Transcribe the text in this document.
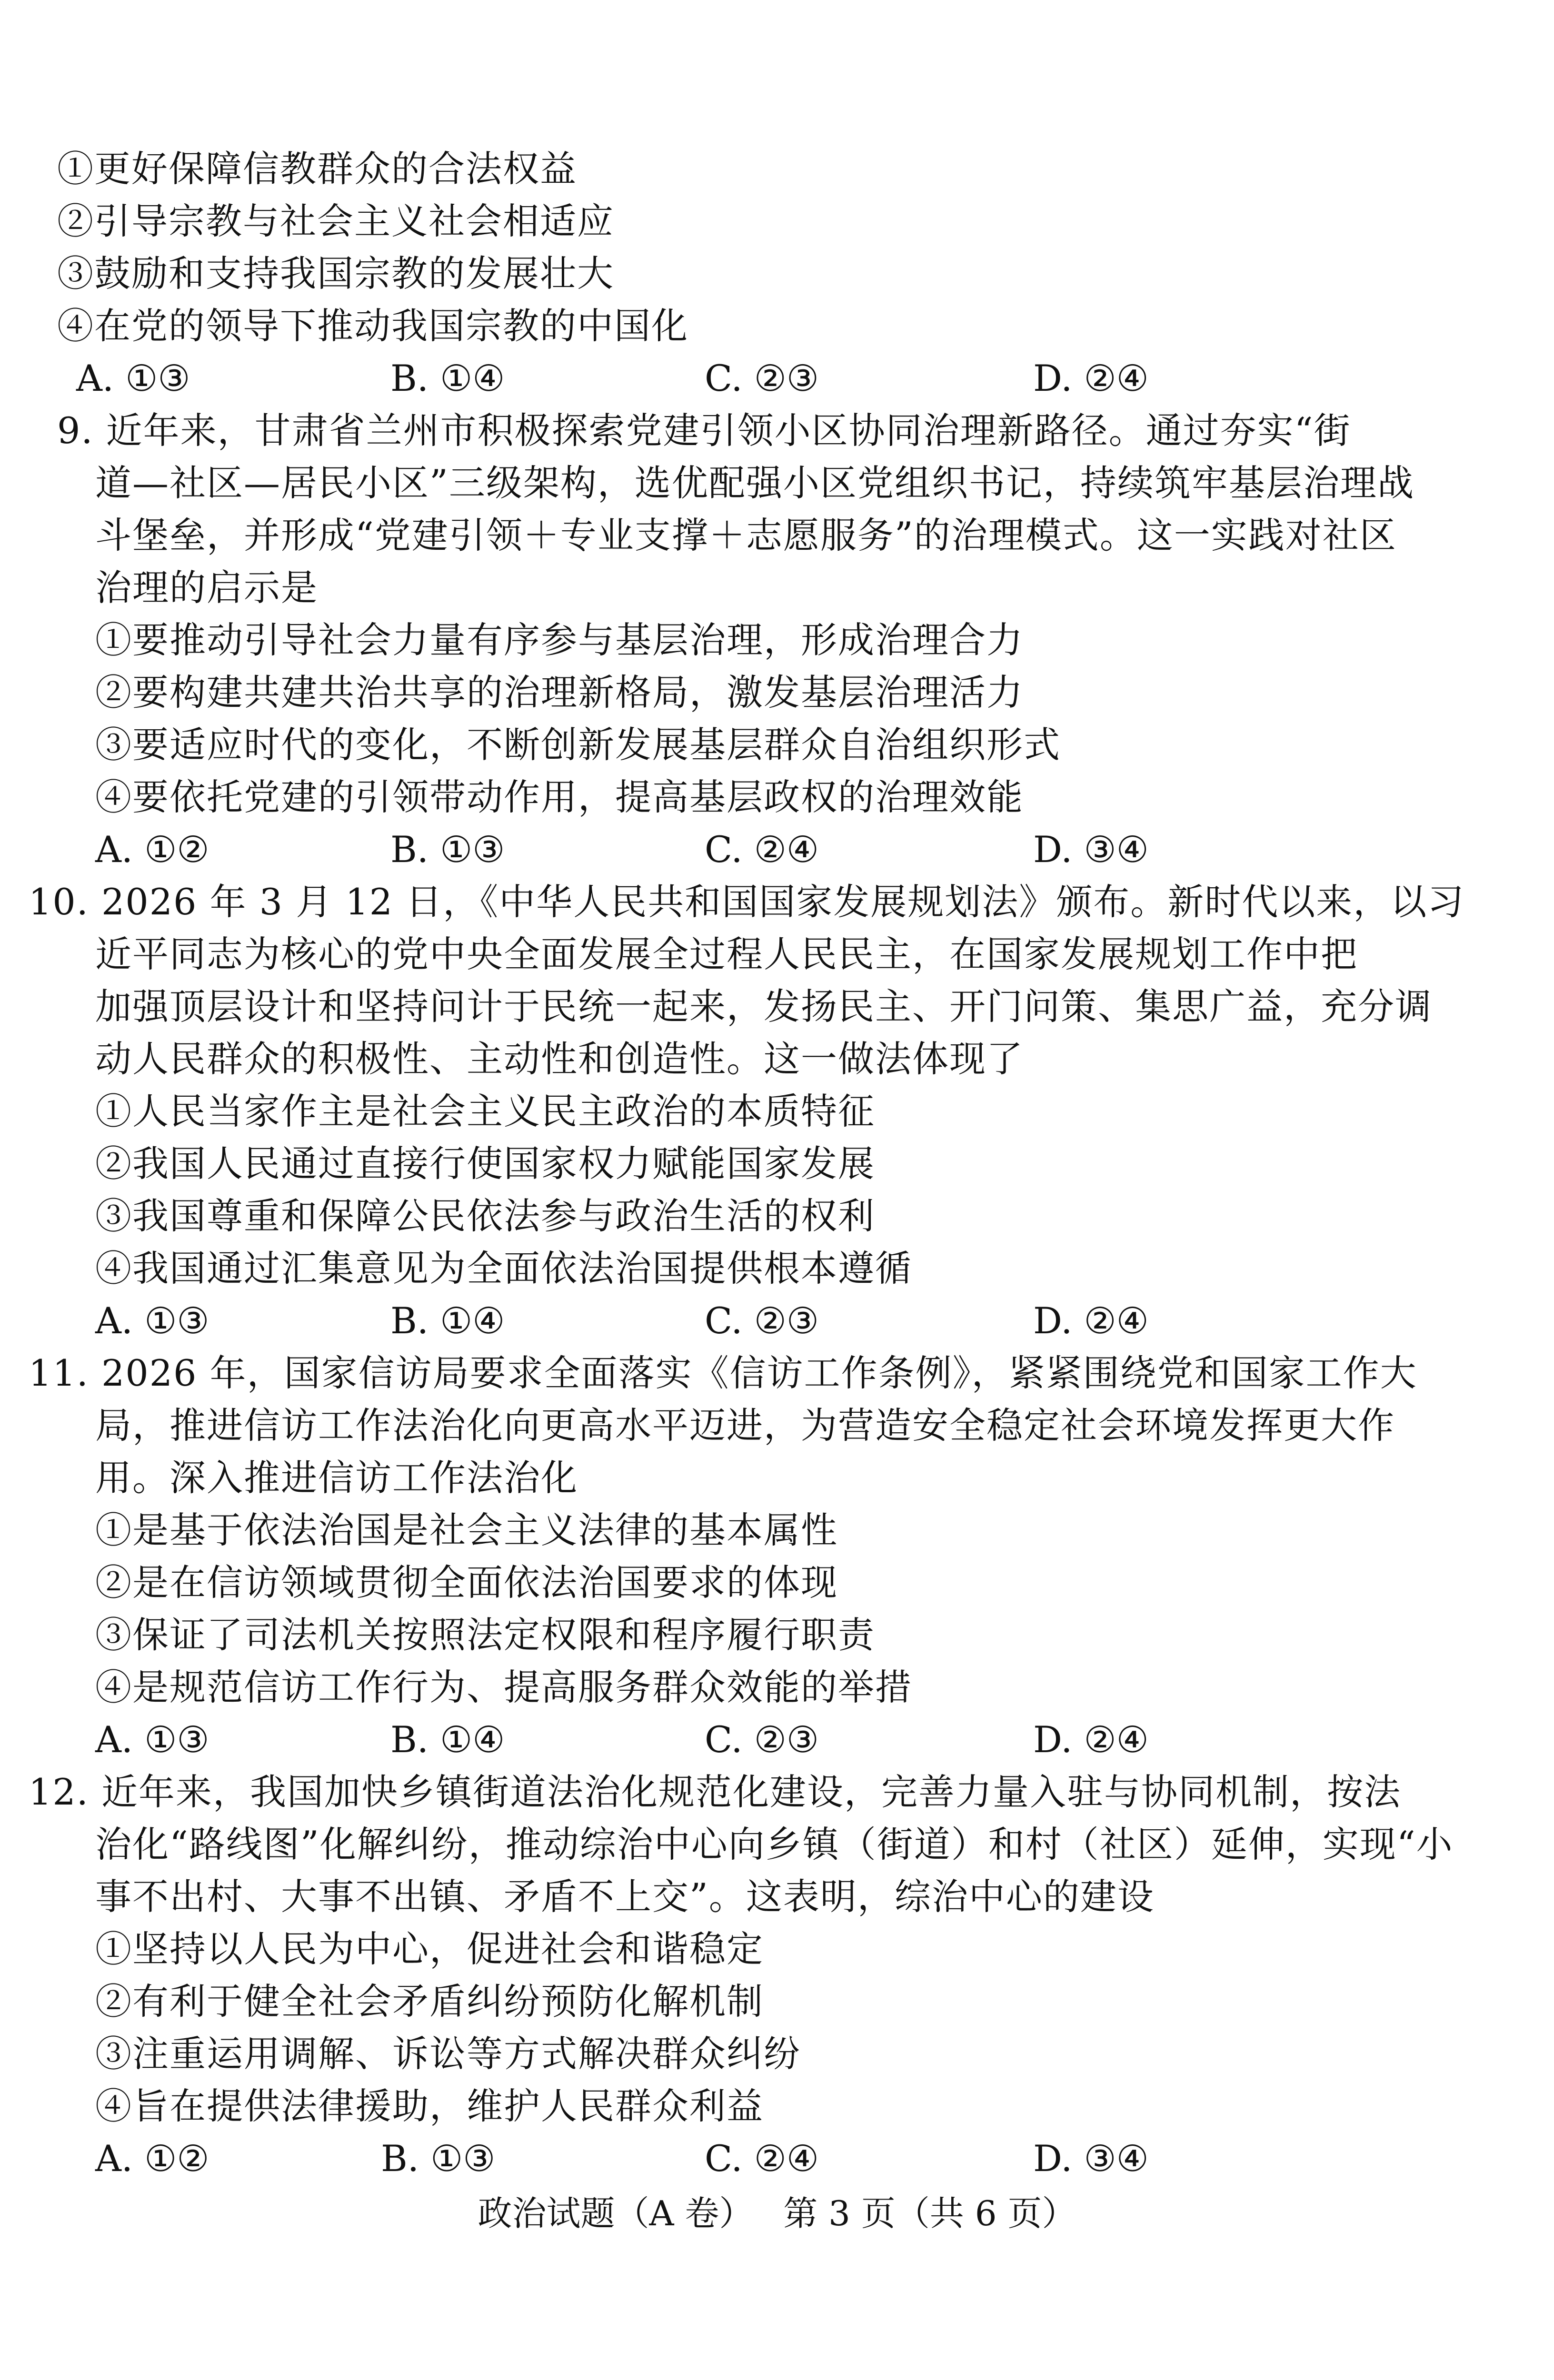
①更好保障信教群众的合法权益
②引导宗教与社会主义社会相适应
③鼓励和支持我国宗教的发展壮大
④在党的领导下推动我国宗教的中国化
A. ①③	B. ①④	C. ②③	D. ②④
9. 近年来，甘肃省兰州市积极探索党建引领小区协同治理新路径。通过夯实“街
道—社区—居民小区”三级架构，选优配强小区党组织书记，持续筑牢基层治理战
斗堡垒，并形成“党建引领＋专业支撑＋志愿服务”的治理模式。这一实践对社区
治理的启示是
①要推动引导社会力量有序参与基层治理，形成治理合力
②要构建共建共治共享的治理新格局，激发基层治理活力
③要适应时代的变化，不断创新发展基层群众自治组织形式
④要依托党建的引领带动作用，提高基层政权的治理效能
A. ①②	B. ①③	C. ②④	D. ③④
10. 2026 年 3 月 12 日，《中华人民共和国国家发展规划法》颁布。新时代以来，以习
近平同志为核心的党中央全面发展全过程人民民主，在国家发展规划工作中把
加强顶层设计和坚持问计于民统一起来，发扬民主、开门问策、集思广益，充分调
动人民群众的积极性、主动性和创造性。这一做法体现了
①人民当家作主是社会主义民主政治的本质特征
②我国人民通过直接行使国家权力赋能国家发展
③我国尊重和保障公民依法参与政治生活的权利
④我国通过汇集意见为全面依法治国提供根本遵循
A. ①③	B. ①④	C. ②③	D. ②④
11. 2026 年，国家信访局要求全面落实《信访工作条例》，紧紧围绕党和国家工作大
局，推进信访工作法治化向更高水平迈进，为营造安全稳定社会环境发挥更大作
用。深入推进信访工作法治化
①是基于依法治国是社会主义法律的基本属性
②是在信访领域贯彻全面依法治国要求的体现
③保证了司法机关按照法定权限和程序履行职责
④是规范信访工作行为、提高服务群众效能的举措
A. ①③	B. ①④	C. ②③	D. ②④
12. 近年来，我国加快乡镇街道法治化规范化建设，完善力量入驻与协同机制，按法
治化“路线图”化解纠纷，推动综治中心向乡镇（街道）和村（社区）延伸，实现“小
事不出村、大事不出镇、矛盾不上交”。这表明，综治中心的建设
①坚持以人民为中心，促进社会和谐稳定
②有利于健全社会矛盾纠纷预防化解机制
③注重运用调解、诉讼等方式解决群众纠纷
④旨在提供法律援助，维护人民群众利益
A. ①②	B. ①③	C. ②④	D. ③④
政治试题（A 卷） 第 3 页（共 6 页）
